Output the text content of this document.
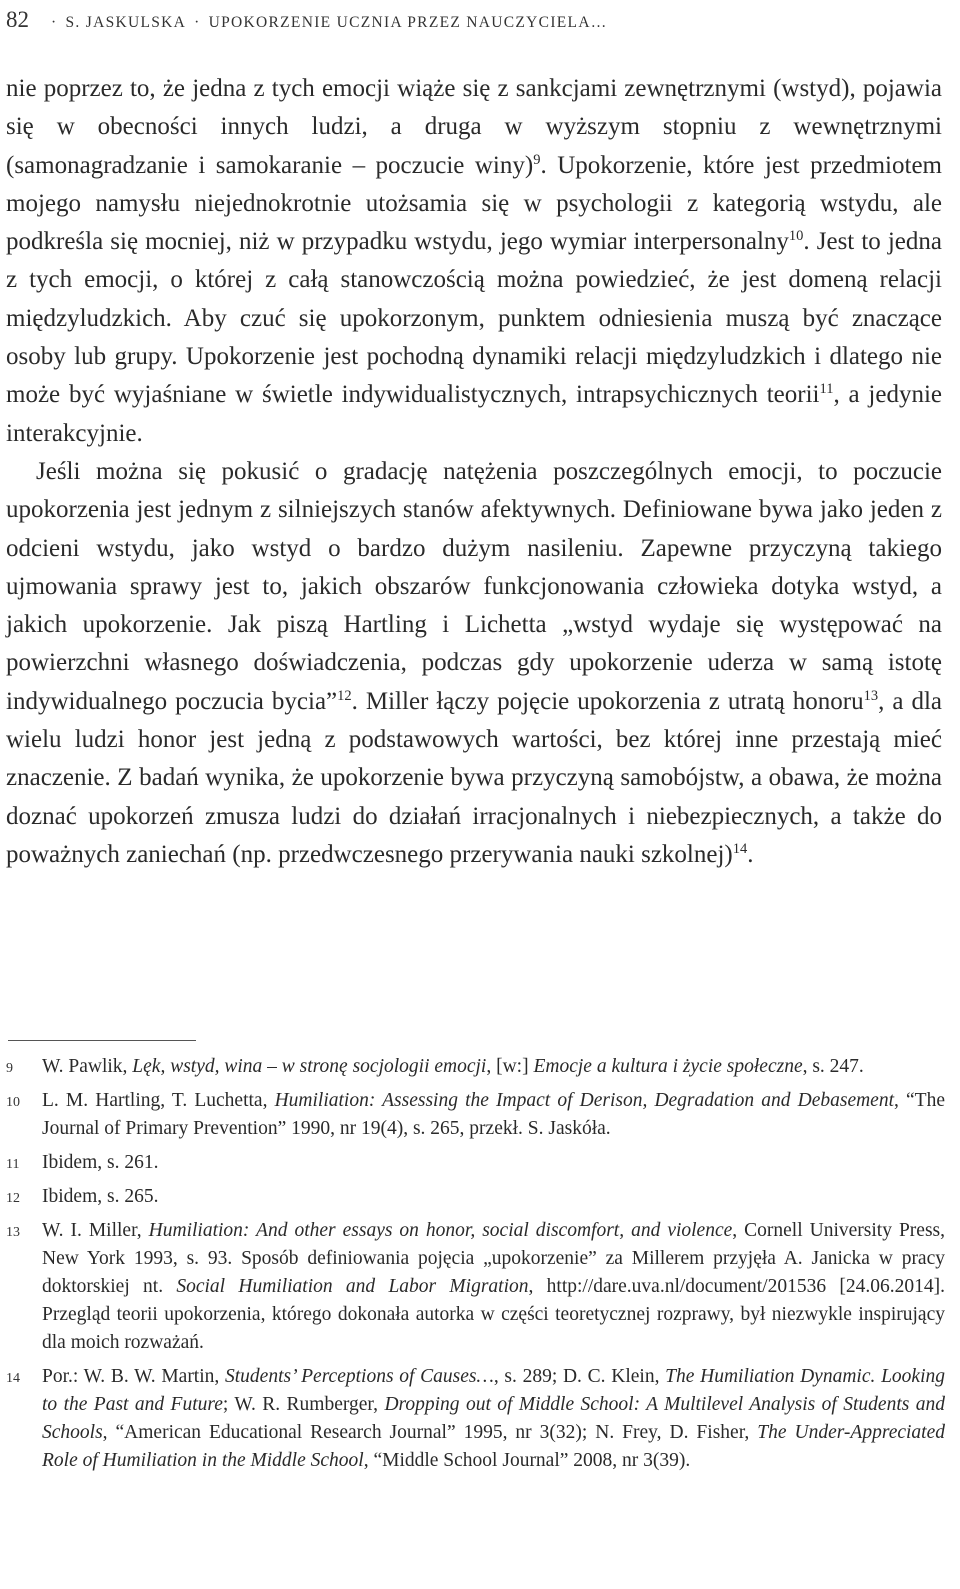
82 · S. JASKULSKA · UPOKORZENIE UCZNIA PRZEZ NAUCZYCIELA…

nie poprzez to, że jedna z tych emocji wiąże się z sankcjami zewnętrznymi (wstyd), pojawia się w obecności innych ludzi, a druga w wyższym stopniu z wewnętrznymi (samonagradzanie i samokaranie – poczucie winy)$^9$. Upokorzenie, które jest przedmiotem mojego namysłu niejednokrotnie utożsamia się w psychologii z kategorią wstydu, ale podkreśla się mocniej, niż w przypadku wstydu, jego wymiar interpersonalny$^{10}$. Jest to jedna z tych emocji, o której z całą stanowczością można powiedzieć, że jest domeną relacji międzyludzkich. Aby czuć się upokorzonym, punktem odniesienia muszą być znaczące osoby lub grupy. Upokorzenie jest pochodną dynamiki relacji międzyludzkich i dlatego nie może być wyjaśniane w świetle indywidualistycznych, intrapsychicznych teorii$^{11}$, a jedynie interakcyjnie.

Jeśli można się pokusić o gradację natężenia poszczególnych emocji, to poczucie upokorzenia jest jednym z silniejszych stanów afektywnych. Definiowane bywa jako jeden z odcieni wstydu, jako wstyd o bardzo dużym nasileniu. Zapewne przyczyną takiego ujmowania sprawy jest to, jakich obszarów funkcjonowania człowieka dotyka wstyd, a jakich upokorzenie. Jak piszą Hartling i Lichetta „wstyd wydaje się występować na powierzchni własnego doświadczenia, podczas gdy upokorzenie uderza w samą istotę indywidualnego poczucia bycia”$^{12}$. Miller łączy pojęcie upokorzenia z utratą honoru$^{13}$, a dla wielu ludzi honor jest jedną z podstawowych wartości, bez której inne przestają mieć znaczenie. Z badań wynika, że upokorzenie bywa przyczyną samobójstw, a obawa, że można doznać upokorzeń zmusza ludzi do działań irracjonalnych i niebezpiecznych, a także do poważnych zaniechań (np. przedwczesnego przerywania nauki szkolnej)$^{14}$.

9 W. Pawlik, Lęk, wstyd, wina – w stronę socjologii emocji, [w:] Emocje a kultura i życie społeczne, s. 247.
10 L. M. Hartling, T. Luchetta, Humiliation: Assessing the Impact of Derison, Degradation and Debasement, “The Journal of Primary Prevention” 1990, nr 19(4), s. 265, przekł. S. Jaskóła.
11 Ibidem, s. 261.
12 Ibidem, s. 265.
13 W. I. Miller, Humiliation: And other essays on honor, social discomfort, and violence, Cornell University Press, New York 1993, s. 93. Sposób definiowania pojęcia „upokorzenie” za Millerem przyjęła A. Janicka w pracy doktorskiej nt. Social Humiliation and Labor Migration, http://dare.uva.nl/document/201536 [24.06.2014]. Przegląd teorii upokorzenia, którego dokonała autorka w części teoretycznej rozprawy, był niezwykle inspirujący dla moich rozważań.
14 Por.: W. B. W. Martin, Students’ Perceptions of Causes…, s. 289; D. C. Klein, The Humiliation Dynamic. Looking to the Past and Future; W. R. Rumberger, Dropping out of Middle School: A Multilevel Analysis of Students and Schools, “American Educational Research Journal” 1995, nr 3(32); N. Frey, D. Fisher, The Under-Appreciated Role of Humiliation in the Middle School, “Middle School Journal” 2008, nr 3(39).
